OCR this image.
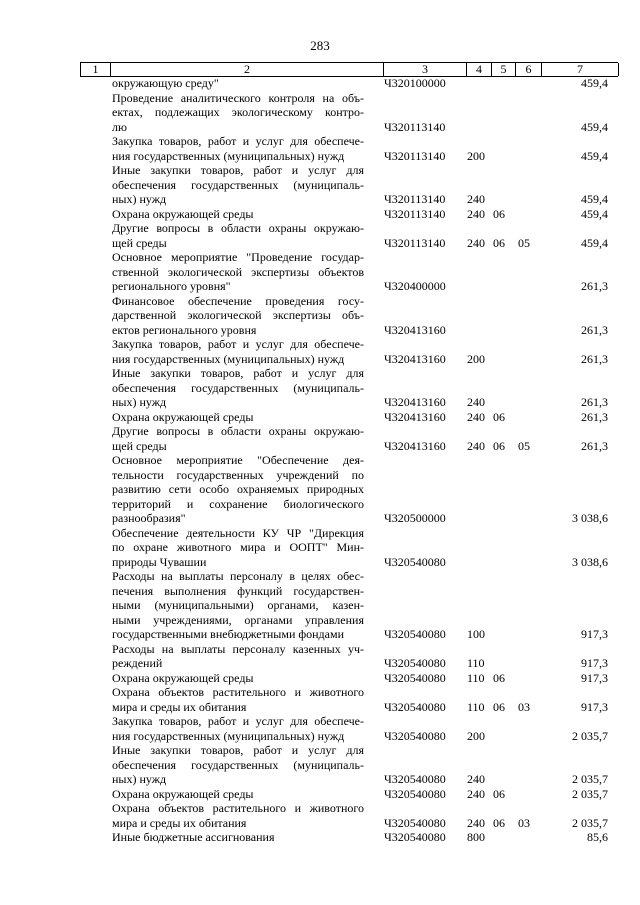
283
1	2	3	4	5	6	7
окружающую среду"	Ч320100000	459,4
Проведение аналитического контроля на объ-
ектах, подлежащих экологическому контро-
лю	Ч320113140	459,4
Закупка товаров, работ и услуг для обеспече-
ния государственных (муниципальных) нужд	Ч320113140 200	459,4
Иные закупки товаров, работ и услуг для
обеспечения государственных (муниципаль-
ных) нужд	Ч320113140 240	459,4
Охрана окружающей среды	Ч320113140 240 06	459,4
Другие вопросы в области охраны окружаю-
щей среды	Ч320113140 240 06 05	459,4
Основное мероприятие "Проведение государ-
ственной экологической экспертизы объектов
регионального уровня"	Ч320400000	261,3
Финансовое обеспечение проведения госу-
дарственной экологической экспертизы объ-
ектов регионального уровня	Ч320413160	261,3
Закупка товаров, работ и услуг для обеспече-
ния государственных (муниципальных) нужд	Ч320413160 200	261,3
Иные закупки товаров, работ и услуг для
обеспечения государственных (муниципаль-
ных) нужд	Ч320413160 240	261,3
Охрана окружающей среды	Ч320413160 240 06	261,3
Другие вопросы в области охраны окружаю-
щей среды	Ч320413160 240 06 05	261,3
Основное мероприятие "Обеспечение дея-
тельности государственных учреждений по
развитию сети особо охраняемых природных
территорий и сохранение биологического
разнообразия"	Ч320500000	3 038,6
Обеспечение деятельности КУ ЧР "Дирекция
по охране животного мира и ООПТ" Мин-
природы Чувашии	Ч320540080	3 038,6
Расходы на выплаты персоналу в целях обес-
печения выполнения функций государствен-
ными (муниципальными) органами, казен-
ными учреждениями, органами управления
государственными внебюджетными фондами	Ч320540080 100	917,3
Расходы на выплаты персоналу казенных уч-
реждений	Ч320540080 110	917,3
Охрана окружающей среды	Ч320540080 110 06	917,3
Охрана объектов растительного и животного
мира и среды их обитания	Ч320540080 110 06 03	917,3
Закупка товаров, работ и услуг для обеспече-
ния государственных (муниципальных) нужд	Ч320540080 200	2 035,7
Иные закупки товаров, работ и услуг для
обеспечения государственных (муниципаль-
ных) нужд	Ч320540080 240	2 035,7
Охрана окружающей среды	Ч320540080 240 06	2 035,7
Охрана объектов растительного и животного
мира и среды их обитания	Ч320540080 240 06 03	2 035,7
Иные бюджетные ассигнования	Ч320540080 800	85,6
